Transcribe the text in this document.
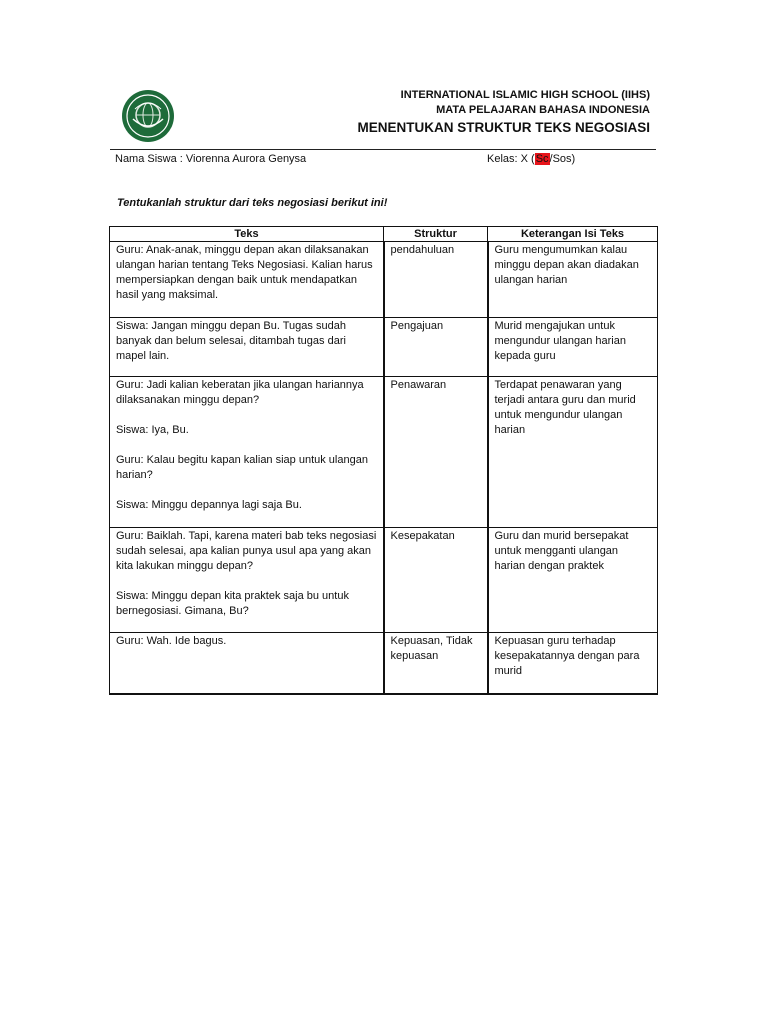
INTERNATIONAL ISLAMIC HIGH SCHOOL (IIHS)
MATA PELAJARAN BAHASA INDONESIA
MENENTUKAN STRUKTUR TEKS NEGOSIASI
Nama Siswa : Viorenna Aurora Genysa	Kelas: X (Sc/Sos)
Tentukanlah struktur dari teks negosiasi berikut ini!
Teks	Struktur	Keterangan Isi Teks

Guru: Anak-anak, minggu depan akan dilaksanakan ulangan harian tentang Teks Negosiasi. Kalian harus mempersiapkan dengan baik untuk mendapatkan hasil yang maksimal.	pendahuluan	Guru mengumumkan kalau minggu depan akan diadakan ulangan harian

Siswa: Jangan minggu depan Bu. Tugas sudah banyak dan belum selesai, ditambah tugas dari mapel lain.	Pengajuan	Murid mengajukan untuk mengundur ulangan harian kepada guru

Guru: Jadi kalian keberatan jika ulangan hariannya dilaksanakan minggu depan?
Siswa: Iya, Bu.
Guru: Kalau begitu kapan kalian siap untuk ulangan harian?
Siswa: Minggu depannya lagi saja Bu.	Penawaran	Terdapat penawaran yang terjadi antara guru dan murid untuk mengundur ulangan harian

Guru: Baiklah. Tapi, karena materi bab teks negosiasi sudah selesai, apa kalian punya usul apa yang akan kita lakukan minggu depan?
Siswa: Minggu depan kita praktek saja bu untuk bernegosiasi. Gimana, Bu?	Kesepakatan	Guru dan murid bersepakat untuk mengganti ulangan harian dengan praktek

Guru: Wah. Ide bagus.	Kepuasan, Tidak kepuasan	Kepuasan guru terhadap kesepakatannya dengan para murid
